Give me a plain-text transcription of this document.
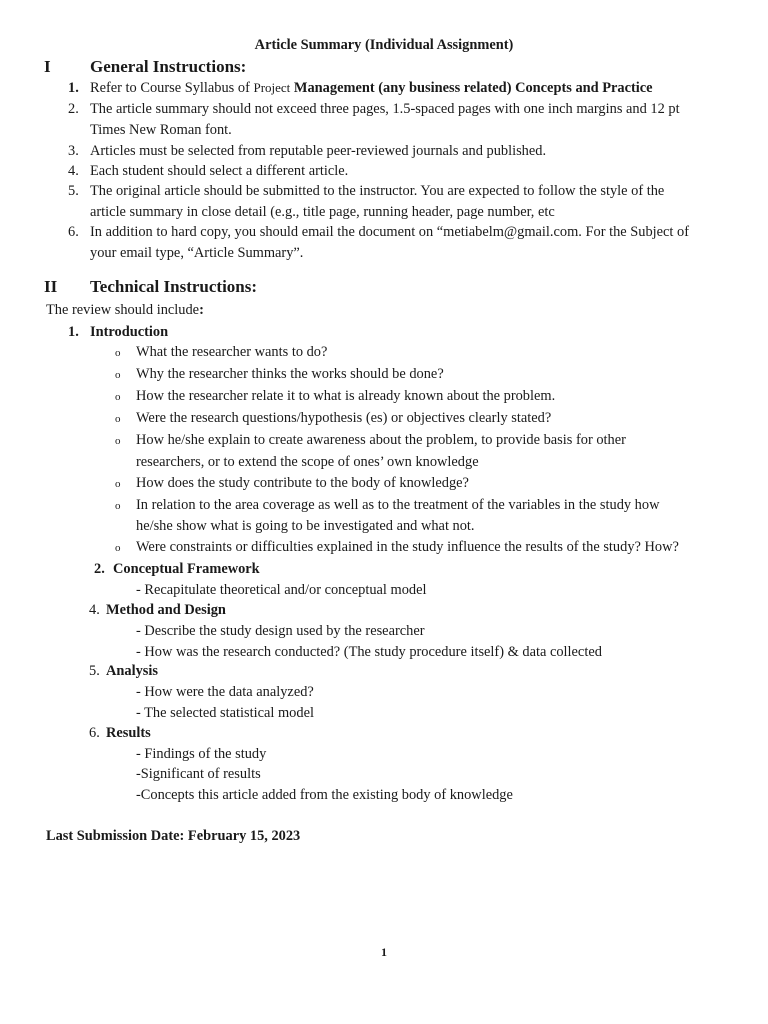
Article Summary (Individual Assignment)
I General Instructions:
1. Refer to Course Syllabus of Project Management (any business related) Concepts and Practice
2. The article summary should not exceed three pages, 1.5-spaced pages with one inch margins and 12 pt
Times New Roman font.
3. Articles must be selected from reputable peer-reviewed journals and published.
4. Each student should select a different article.
5. The original article should be submitted to the instructor. You are expected to follow the style of the
article summary in close detail (e.g., title page, running header, page number, etc
6. In addition to hard copy, you should email the document on “metiabelm@gmail.com. For the Subject of
your email type, “Article Summary”.
II Technical Instructions:
The review should include:
1. Introduction
o What the researcher wants to do?
o Why the researcher thinks the works should be done?
o How the researcher relate it to what is already known about the problem.
o Were the research questions/hypothesis (es) or objectives clearly stated?
o How he/she explain to create awareness about the problem, to provide basis for other
researchers, or to extend the scope of ones’ own knowledge
o How does the study contribute to the body of knowledge?
o In relation to the area coverage as well as to the treatment of the variables in the study how
he/she show what is going to be investigated and what not.
o Were constraints or difficulties explained in the study influence the results of the study? How?
2. Conceptual Framework
- Recapitulate theoretical and/or conceptual model
4. Method and Design
- Describe the study design used by the researcher
- How was the research conducted? (The study procedure itself) & data collected
5. Analysis
- How were the data analyzed?
- The selected statistical model
6. Results
- Findings of the study
-Significant of results
-Concepts this article added from the existing body of knowledge
Last Submission Date: February 15, 2023
1
